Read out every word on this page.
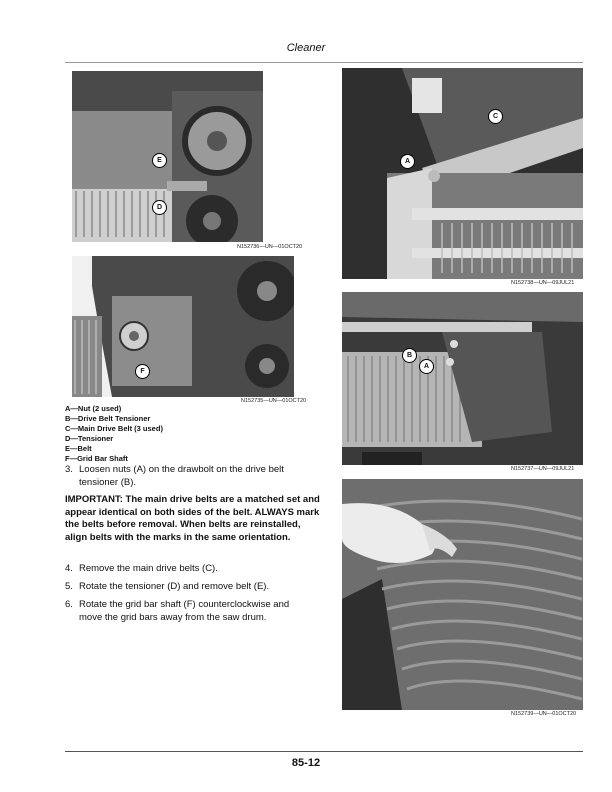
Cleaner
E
D
N152736—UN—01OCT20
F
N152735—UN—01OCT20
C
A
N152738—UN—09JUL21
B
A
N152737—UN—09JUL21
N152739—UN—01OCT20
A—Nut (2 used)
B—Drive Belt Tensioner
C—Main Drive Belt (3 used)
D—Tensioner
E—Belt
F—Grid Bar Shaft
3. Loosen nuts (A) on the drawbolt on the drive belt tensioner (B).
IMPORTANT: The main drive belts are a matched set and appear identical on both sides of the belt. ALWAYS mark the belts before removal. When belts are reinstalled, align belts with the marks in the same orientation.
4. Remove the main drive belts (C).
5. Rotate the tensioner (D) and remove belt (E).
6. Rotate the grid bar shaft (F) counterclockwise and move the grid bars away from the saw drum.
85-12
